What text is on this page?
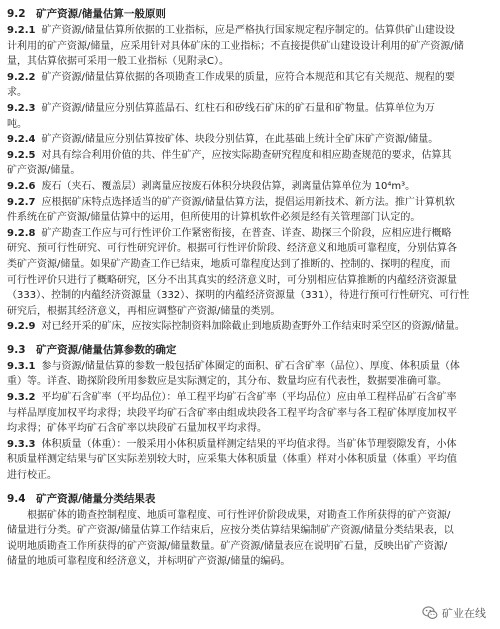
9.2　矿产资源/储量估算一般原则
9.2.1 矿产资源/储量估算所依据的工业指标，应是严格执行国家规定程序制定的。估算供矿山建设设
计利用的矿产资源/储量，应采用针对具体矿床的工业指标；不直接提供矿山建设设计利用的矿产资源/储
量，其估算依据可采用一般工业指标（见附录C）。
9.2.2 矿产资源/储量估算依据的各项勘查工作成果的质量，应符合本规范和其它有关规范、规程的要
求。
9.2.3 矿产资源/储量应分别估算蓝晶石、红柱石和矽线石矿床的矿石量和矿物量。估算单位为万
吨。
9.2.4 矿产资源/储量应分别估算按矿体、块段分别估算，在此基础上统计全矿床矿产资源/储量。
9.2.5 对具有综合利用价值的共、伴生矿产，应按实际勘查研究程度和相应勘查规范的要求，估算其
矿产资源/储量。
9.2.6 废石（夹石、覆盖层）剥离量应按废石体积分块段估算，剥离量估算单位为 10⁴m³。
9.2.7 应根据矿床特点选择适当的矿产资源/储量估算方法，提倡运用新技术、新方法。推广计算机软
件系统在矿产资源/储量估算中的运用，但所使用的计算机软件必须是经有关管理部门认定的。
9.2.8 矿产勘查工作应与可行性评价工作紧密衔接，在普查、详查、勘探三个阶段，应相应进行概略
研究、预可行性研究、可行性研究评价。根据可行性评价阶段、经济意义和地质可靠程度，分别估算各
类矿产资源/储量。如果矿产勘查工作已结束，地质可靠程度达到了推断的、控制的、探明的程度，而
可行性评价只进行了概略研究，区分不出其真实的经济意义时，可分别相应估算推断的内蕴经济资源量
（333）、控制的内蕴经济资源量（332）、探明的内蕴经济资源量（331），待进行预可行性研究、可行性
研究后，根据其经济意义，再相应调整矿产资源/储量的类别。
9.2.9 对已经开采的矿床，应按实际控制资料加除截止到地质勘查野外工作结束时采空区的资源/储量。
9.3　矿产资源/储量估算参数的确定
9.3.1 参与资源/储量估算的参数一般包括矿体圈定的面积、矿石含矿率（品位）、厚度、体积质量（体
重）等。详查、勘探阶段所用参数应是实际测定的，其分布、数量均应有代表性，数据要准确可靠。
9.3.2 平均矿石含矿率（平均品位）：单工程平均矿石含矿率（平均品位）应由单工程样品矿石含矿率
与样品厚度加权平均求得；块段平均矿石含矿率由组成块段各工程平均含矿率与各工程矿体厚度加权平
均求得；矿体平均矿石含矿率以块段矿石量加权平均求得。
9.3.3 体积质量（体重）：一般采用小体积质量样测定结果的平均值求得。当矿体节理裂隙发育，小体
积质量样测定结果与矿区实际差别较大时，应采集大体积质量（体重）样对小体积质量（体重）平均值
进行校正。
9.4　矿产资源/储量分类结果表
根据矿体的勘查控制程度、地质可靠程度、可行性评价阶段成果，对勘查工作所获得的矿产资源/
储量进行分类。矿产资源/储量估算工作结束后，应按分类估算结果编制矿产资源/储量分类结果表，以
说明地质勘查工作所获得的矿产资源/储量数量。矿产资源/储量表应在说明矿石量，反映出矿产资源/
储量的地质可靠程度和经济意义，并标明矿产资源/储量的编码。
矿业在线
